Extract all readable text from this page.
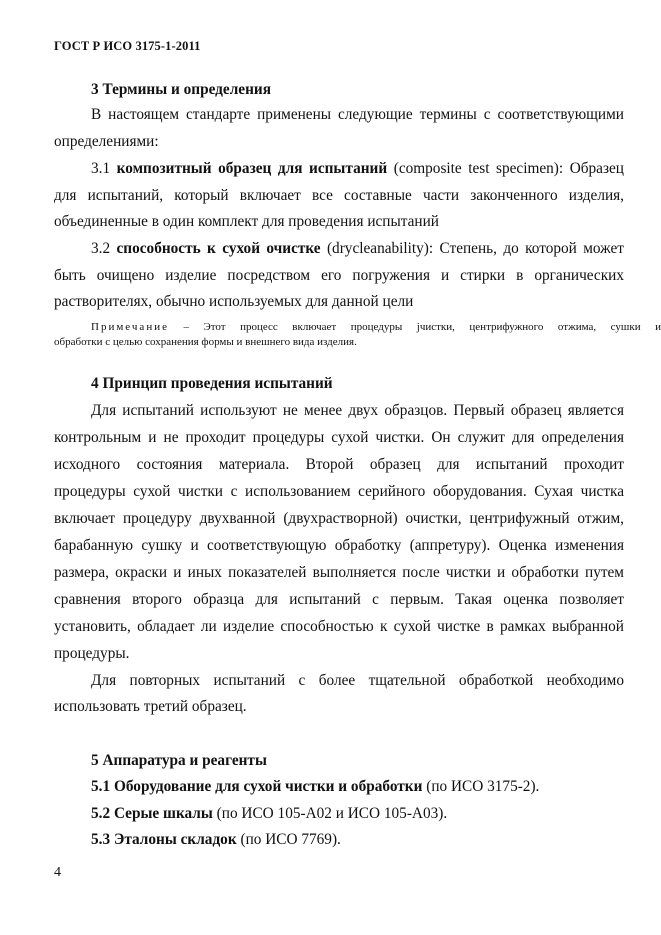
ГОСТ Р ИСО 3175-1-2011
3 Термины и определения
В настоящем стандарте применены следующие термины с соответствующими
определениями:
3.1 композитный образец для испытаний (composite test specimen): Образец
для испытаний, который включает все составные части законченного изделия,
объединенные в один комплект для проведения испытаний
3.2 способность к сухой очистке (drycleanability): Степень, до которой может
быть очищено изделие посредством его погружения и стирки в органических
растворителях, обычно используемых для данной цели
Примечание – Этот процесс включает процедуры jчистки, центрифужного отжима, сушки и
обработки с целью сохранения формы и внешнего вида изделия.
4 Принцип проведения испытаний
Для испытаний используют не менее двух образцов. Первый образец является
контрольным и не проходит процедуры сухой чистки. Он служит для определения
исходного состояния материала. Второй образец для испытаний проходит
процедуры сухой чистки с использованием серийного оборудования. Сухая чистка
включает процедуру двухванной (двухрастворной) очистки, центрифужный отжим,
барабанную сушку и соответствующую обработку (аппретуру). Оценка изменения
размера, окраски и иных показателей выполняется после чистки и обработки путем
сравнения второго образца для испытаний с первым. Такая оценка позволяет
установить, обладает ли изделие способностью к сухой чистке в рамках выбранной
процедуры.
Для повторных испытаний с более тщательной обработкой необходимо
использовать третий образец.
5 Аппаратура и реагенты
5.1 Оборудование для сухой чистки и обработки (по ИСО 3175-2).
5.2 Серые шкалы (по ИСО 105-А02 и ИСО 105-А03).
5.3 Эталоны складок (по ИСО 7769).
4
